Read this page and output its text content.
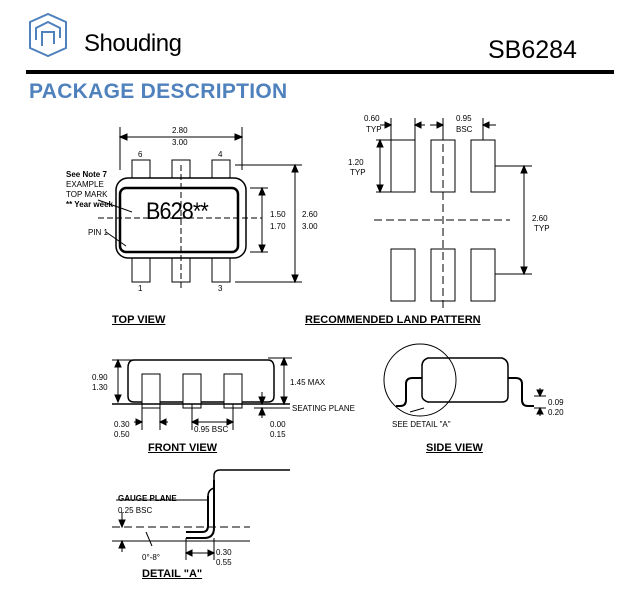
Shouding	SB6284
PACKAGE DESCRIPTION
2.80
3.00
6	4
1	3
See Note 7
EXAMPLE
TOP MARK
** Year week
PIN 1
B628**	1.50
1.70
2.60
3.00
TOP VIEW
0.60
TYP
0.95
BSC
1.20
TYP
2.60
TYP
RECOMMENDED LAND PATTERN
0.90
1.30
1.45 MAX
SEATING PLANE
0.30
0.50
0.95 BSC
0.00
0.15
FRONT VIEW
SEE DETAIL "A"
0.09
0.20
SIDE VIEW
GAUGE PLANE
0.25 BSC
0°-8°
0.30
0.55
DETAIL "A"
